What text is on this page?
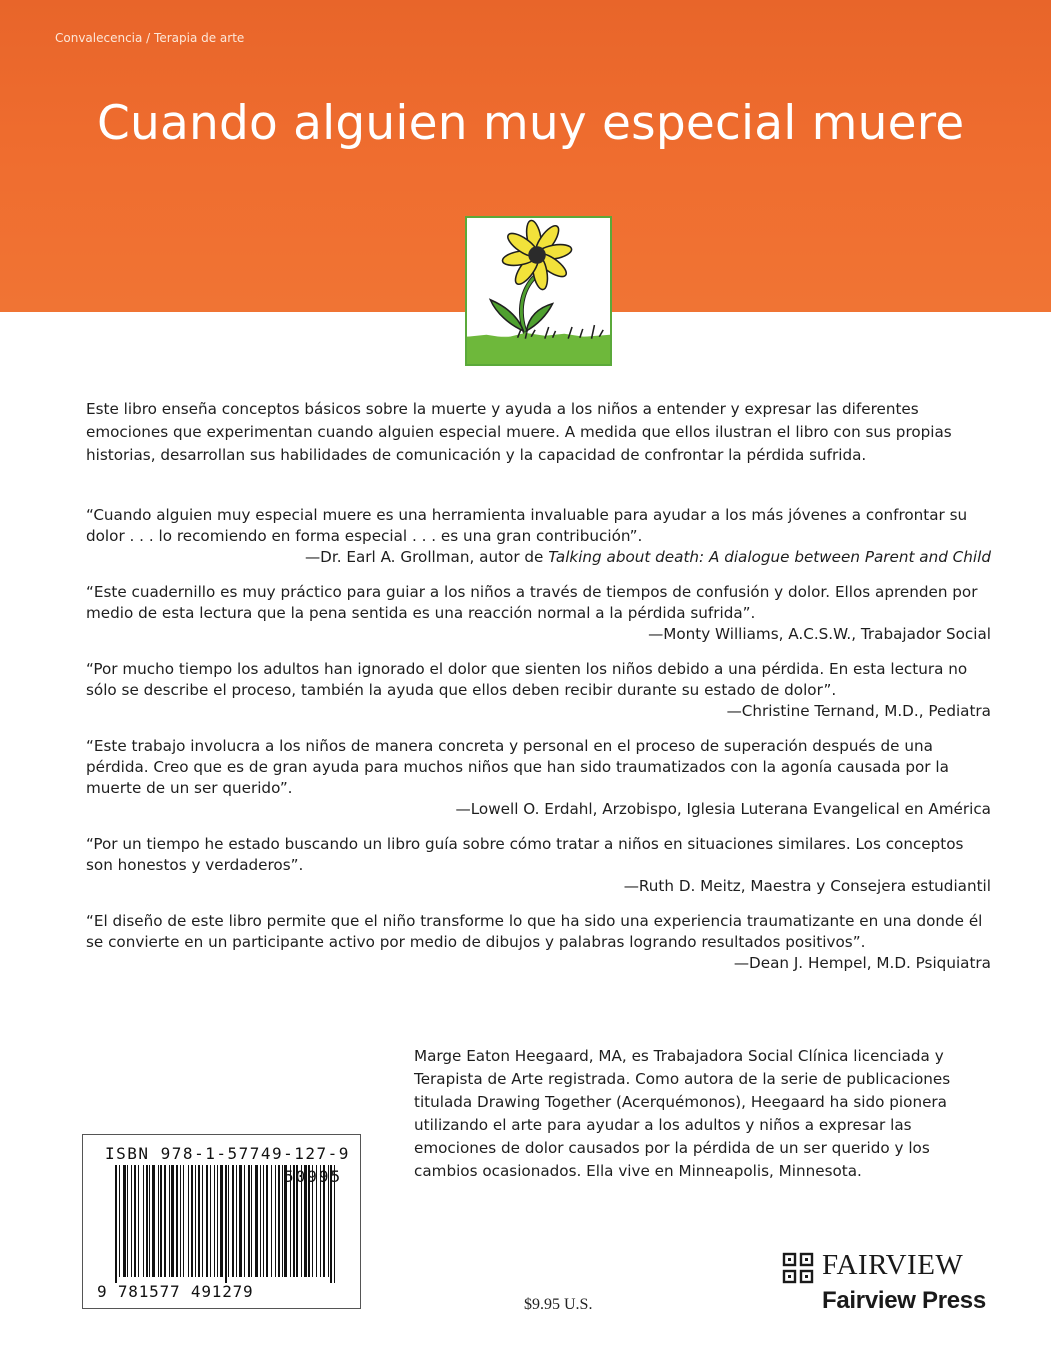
Convalecencia / Terapia de arte
Cuando alguien muy especial muere

Este libro enseña conceptos básicos sobre la muerte y ayuda a los niños a entender y expresar las diferentes emociones que experimentan cuando alguien especial muere. A medida que ellos ilustran el libro con sus propias historias, desarrollan sus habilidades de comunicación y la capacidad de confrontar la pérdida sufrida.

“Cuando alguien muy especial muere es una herramienta invaluable para ayudar a los más jóvenes a confrontar su dolor . . . lo recomiendo en forma especial . . . es una gran contribución”.

—Dr. Earl A. Grollman, autor de Talking about death: A dialogue between Parent and Child

“Este cuadernillo es muy práctico para guiar a los niños a través de tiempos de confusión y dolor. Ellos aprenden por medio de esta lectura que la pena sentida es una reacción normal a la pérdida sufrida”.

—Monty Williams, A.C.S.W., Trabajador Social

“Por mucho tiempo los adultos han ignorado el dolor que sienten los niños debido a una pérdida. En esta lectura no sólo se describe el proceso, también la ayuda que ellos deben recibir durante su estado de dolor”.

—Christine Ternand, M.D., Pediatra

“Este trabajo involucra a los niños de manera concreta y personal en el proceso de superación después de una pérdida. Creo que es de gran ayuda para muchos niños que han sido traumatizados con la agonía causada por la muerte de un ser querido”.

—Lowell O. Erdahl, Arzobispo, Iglesia Luterana Evangelical en América

“Por un tiempo he estado buscando un libro guía sobre cómo tratar a niños en situaciones similares. Los conceptos son honestos y verdaderos”.

—Ruth D. Meitz, Maestra y Consejera estudiantil

“El diseño de este libro permite que el niño transforme lo que ha sido una experiencia traumatizante en una donde él se convierte en un participante activo por medio de dibujos y palabras logrando resultados positivos”.

—Dean J. Hempel, M.D. Psiquiatra

ISBN 978-1-57749-127-9
50995
9 781577 491279

Marge Eaton Heegaard, MA, es Trabajadora Social Clínica licenciada y Terapista de Arte registrada. Como autora de la serie de publicaciones titulada Drawing Together (Acerquémonos), Heegaard ha sido pionera utilizando el arte para ayudar a los adultos y niños a expresar las emociones de dolor causados por la pérdida de un ser querido y los cambios ocasionados. Ella vive en Minneapolis, Minnesota.

$9.95 U.S.
FAIRVIEW
Fairview Press
